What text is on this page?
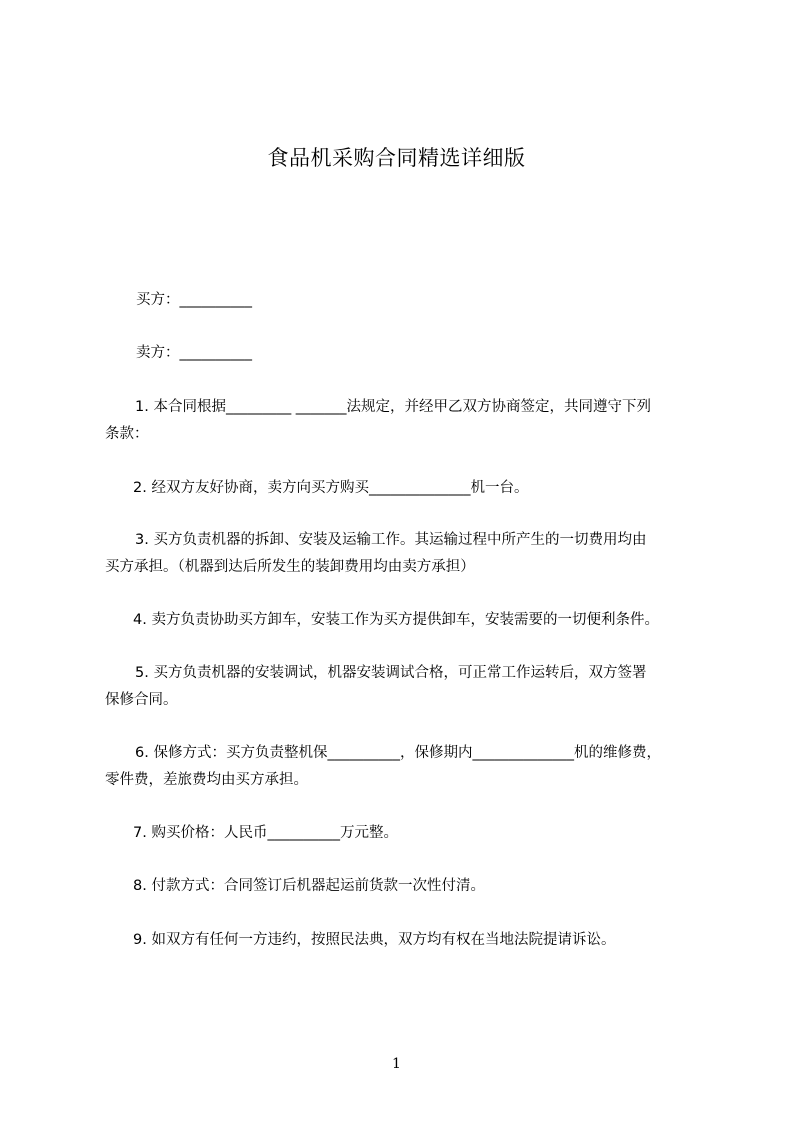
食品机采购合同精选详细版
买方：__________
卖方：__________
1. 本合同根据_________ _______法规定，并经甲乙双方协商签定，共同遵守下列
条款：
2. 经双方友好协商，卖方向买方购买______________机一台。
3. 买方负责机器的拆卸、安装及运输工作。其运输过程中所产生的一切费用均由
买方承担。（机器到达后所发生的装卸费用均由卖方承担）
4. 卖方负责协助买方卸车，安装工作为买方提供卸车，安装需要的一切便利条件。
5. 买方负责机器的安装调试，机器安装调试合格，可正常工作运转后，双方签署
保修合同。
6. 保修方式：买方负责整机保__________，保修期内______________机的维修费，
零件费，差旅费均由买方承担。
7. 购买价格：人民币__________万元整。
8. 付款方式：合同签订后机器起运前货款一次性付清。
9. 如双方有任何一方违约，按照民法典，双方均有权在当地法院提请诉讼。
1
